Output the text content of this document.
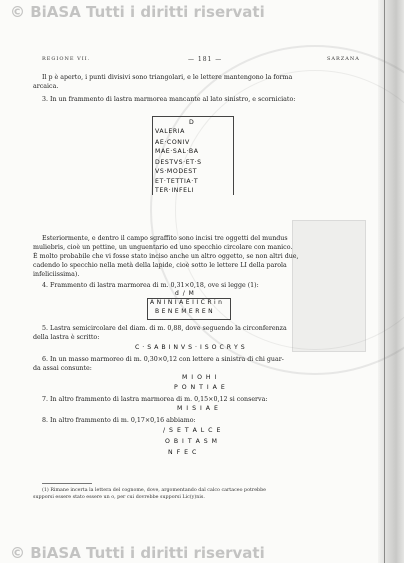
© BiASA Tutti i diritti riservati
© BiASA Tutti i diritti riservati
REGIONE VII.	— 181 —	SARZANA
Il p è aperto, i punti divisivi sono triangolari, e le lettere mantengono la forma
arcaica.
3. In un frammento di lastra marmorea mancante al lato sinistro, e scorniciato:
D
VALERIA
AE·CONIV
MAE·SAL·BA
DESTVS·ET·S
VS·MODEST
ET·TETTIA·T
TER·INFELI
Esteriormente, e dentro il campo sgraffito sono incisi tre oggetti del mundus
muliebris, cioè un pettine, un unguentario ed uno specchio circolare con manico.
È molto probabile che vi fosse stato inciso anche un altro oggetto, se non altri due,
cadendo lo specchio nella metà della lapide, cioè sotto le lettere LI della parola
infeliciissima).
4. Frammento di lastra marmorea di m. 0,31×0,18, ove si legge (1):
d / M
A N I N I A E I I C R i n
B E N E M E R E N
5. Lastra semicircolare del diam. di m. 0,88, dove seguendo la circonferenza
della lastra è scritto:
C · S A B I N V S · I S O C R Y S
6. In un masso marmoreo di m. 0,30×0,12 con lettere a sinistra di chi guar-
da assai consunte:
M I O H I
P O N T I A E
7. In altro frammento di lastra marmorea di m. 0,15×0,12 si conserva:
M I S I A E
8. In altro frammento di m. 0,17×0,16 abbiamo:
/ S E T A L C E
O B I T A S M
N F E C
(1) Rimane incerta la lettera del cognome, dove, argomentando dal calco cartaceo potrebbe
supporsi essere stato essere un o, per cui dovrebbe supporsi Lic(y)nis.
